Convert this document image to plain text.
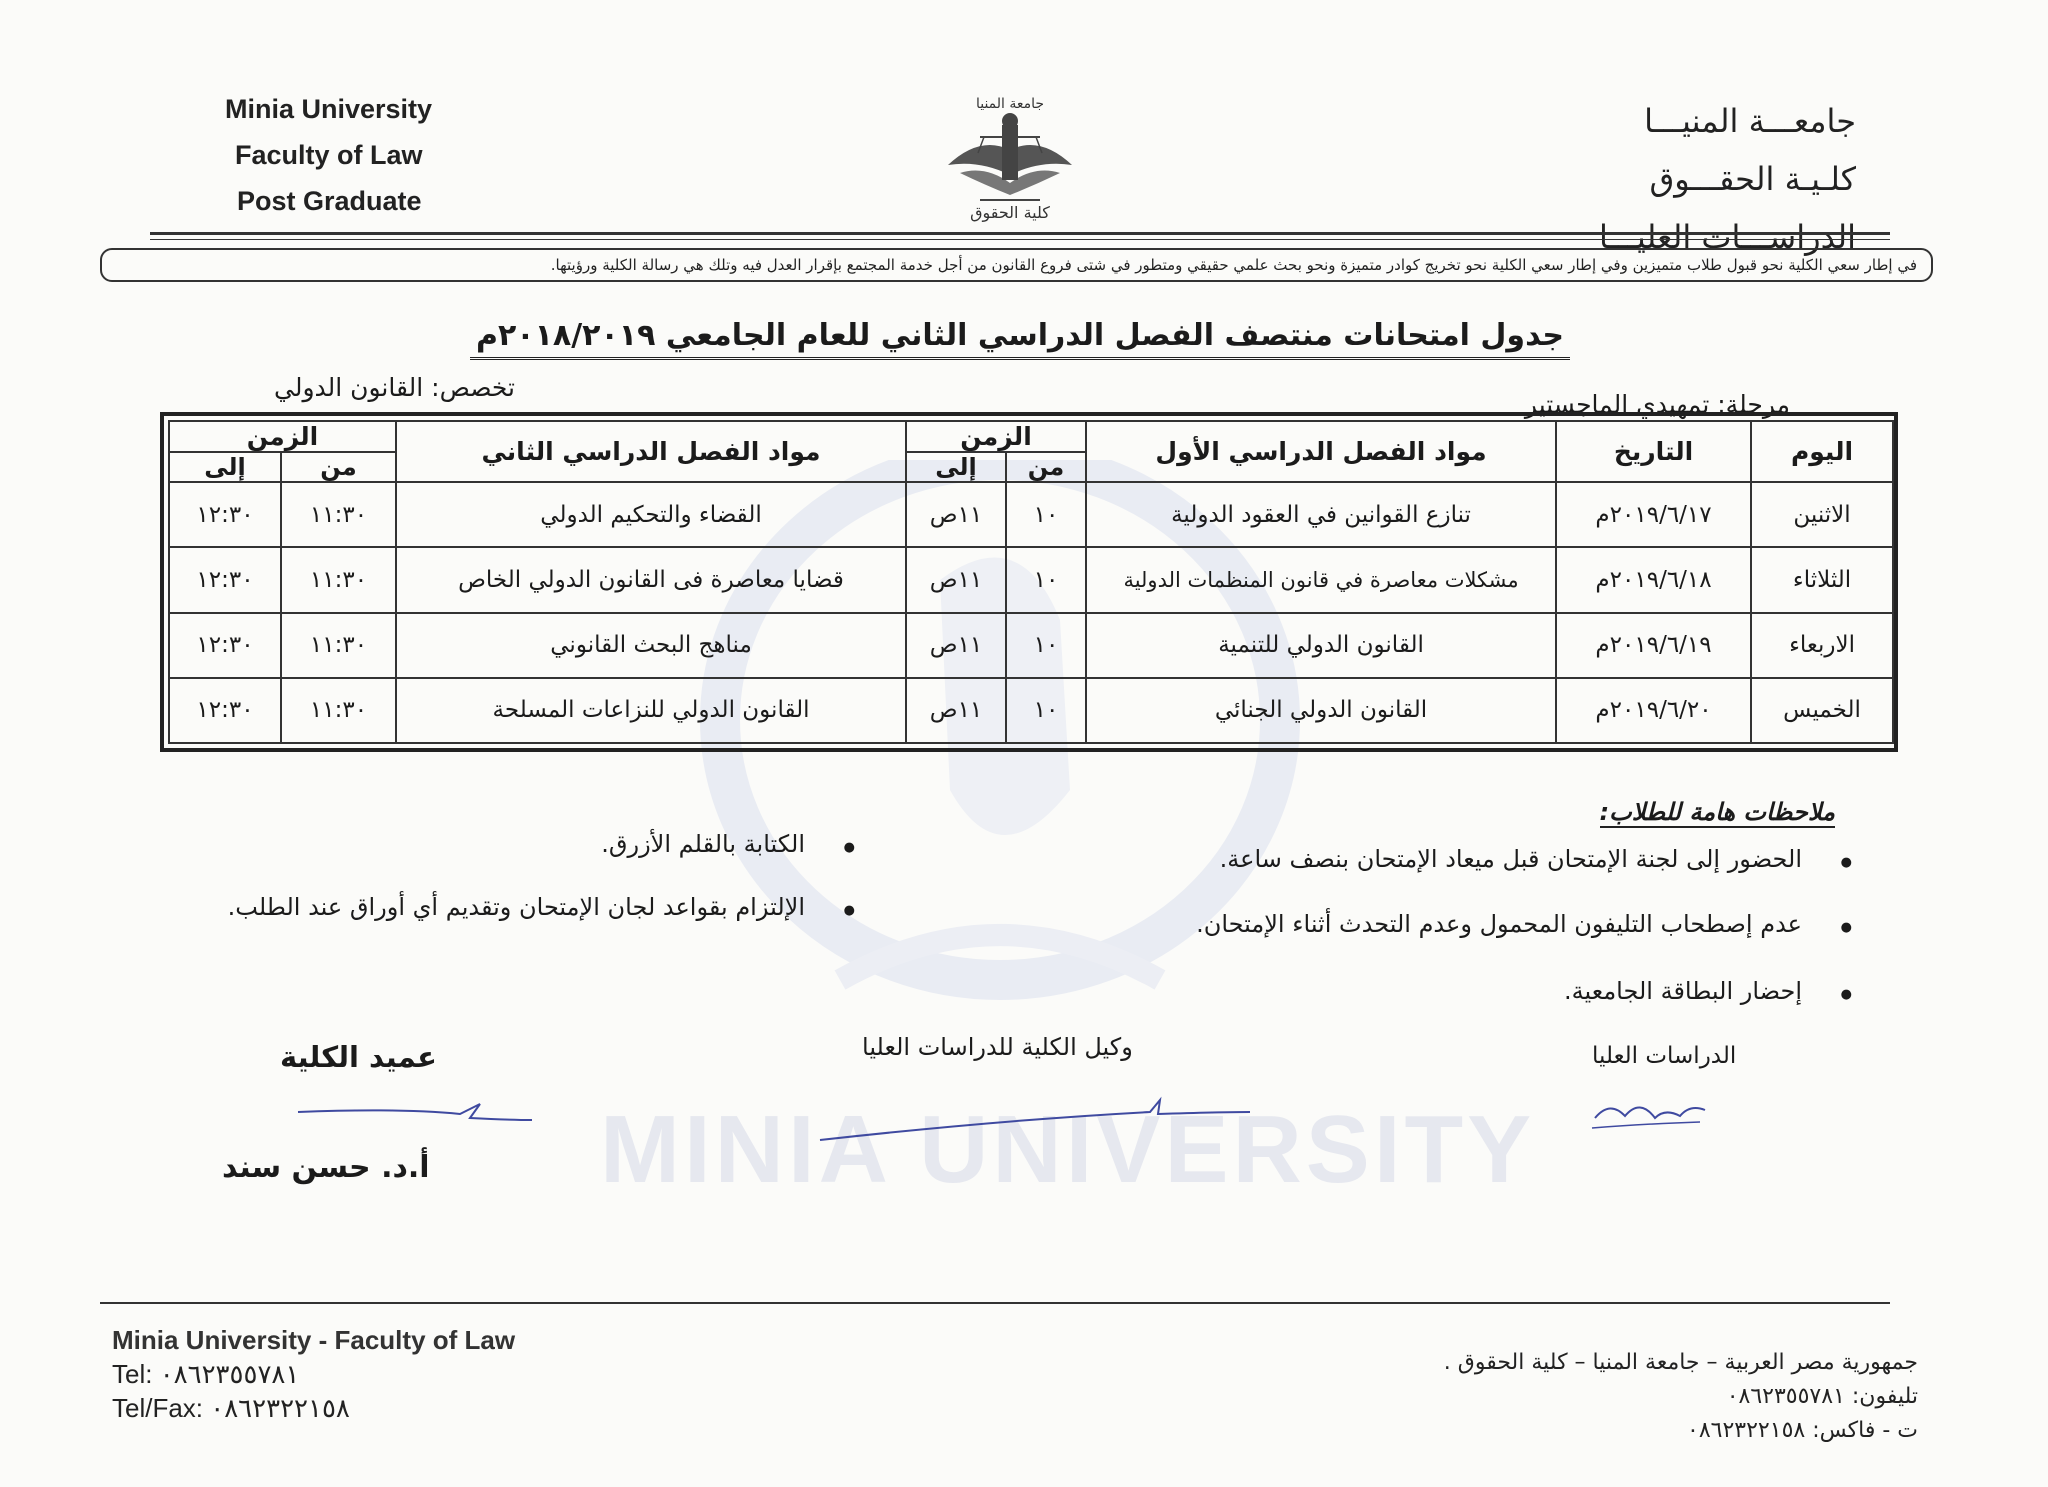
MINIA UNIVERSITY
Minia University
Faculty of Law
Post Graduate
جامعة المنيا
كلية الحقوق
جامعـــة المنيـــا
كلـيـة الحقـــوق
الدراســـات العليـــا
في إطار سعي الكلية نحو قبول طلاب متميزين وفي إطار سعي الكلية نحو تخريج كوادر متميزة ونحو بحث علمي حقيقي ومتطور في شتى فروع القانون من أجل خدمة المجتمع بإقرار العدل فيه وتلك هي رسالة الكلية ورؤيتها.
جدول امتحانات منتصف الفصل الدراسي الثاني للعام الجامعي ٢٠١٨/٢٠١٩م
تخصص: القانون الدولي
مرحلة: تمهيدي الماجستير
اليوم	التاريخ	مواد الفصل الدراسي الأول	الزمن		مواد الفصل الدراسي الثاني	الزمن	
			من	إلى		من	إلى
الاثنين	٢٠١٩/٦/١٧م	تنازع القوانين في العقود الدولية	١٠	١١ص	القضاء والتحكيم الدولي	١١:٣٠	١٢:٣٠
الثلاثاء	٢٠١٩/٦/١٨م	مشكلات معاصرة في قانون المنظمات الدولية	١٠	١١ص	قضايا معاصرة فى القانون الدولي الخاص	١١:٣٠	١٢:٣٠
الاربعاء	٢٠١٩/٦/١٩م	القانون الدولي للتنمية	١٠	١١ص	مناهج البحث القانوني	١١:٣٠	١٢:٣٠
الخميس	٢٠١٩/٦/٢٠م	القانون الدولي الجنائي	١٠	١١ص	القانون الدولي للنزاعات المسلحة	١١:٣٠	١٢:٣٠
ملاحظات هامة للطلاب:
● الحضور إلى لجنة الإمتحان قبل ميعاد الإمتحان بنصف ساعة.
● عدم إصطحاب التليفون المحمول وعدم التحدث أثناء الإمتحان.
● إحضار البطاقة الجامعية.
● الكتابة بالقلم الأزرق.
● الإلتزام بقواعد لجان الإمتحان وتقديم أي أوراق عند الطلب.
عميد الكلية
أ.د. حسن سند
وكيل الكلية للدراسات العليا	الدراسات العليا
Minia University - Faculty of Law
Tel: ٠٨٦٢٣٥٥٧٨١
Tel/Fax: ٠٨٦٢٣٢٢١٥٨
جمهورية مصر العربية – جامعة المنيا – كلية الحقوق .
تليفون: ٠٨٦٢٣٥٥٧٨١
ت - فاكس: ٠٨٦٢٣٢٢١٥٨
